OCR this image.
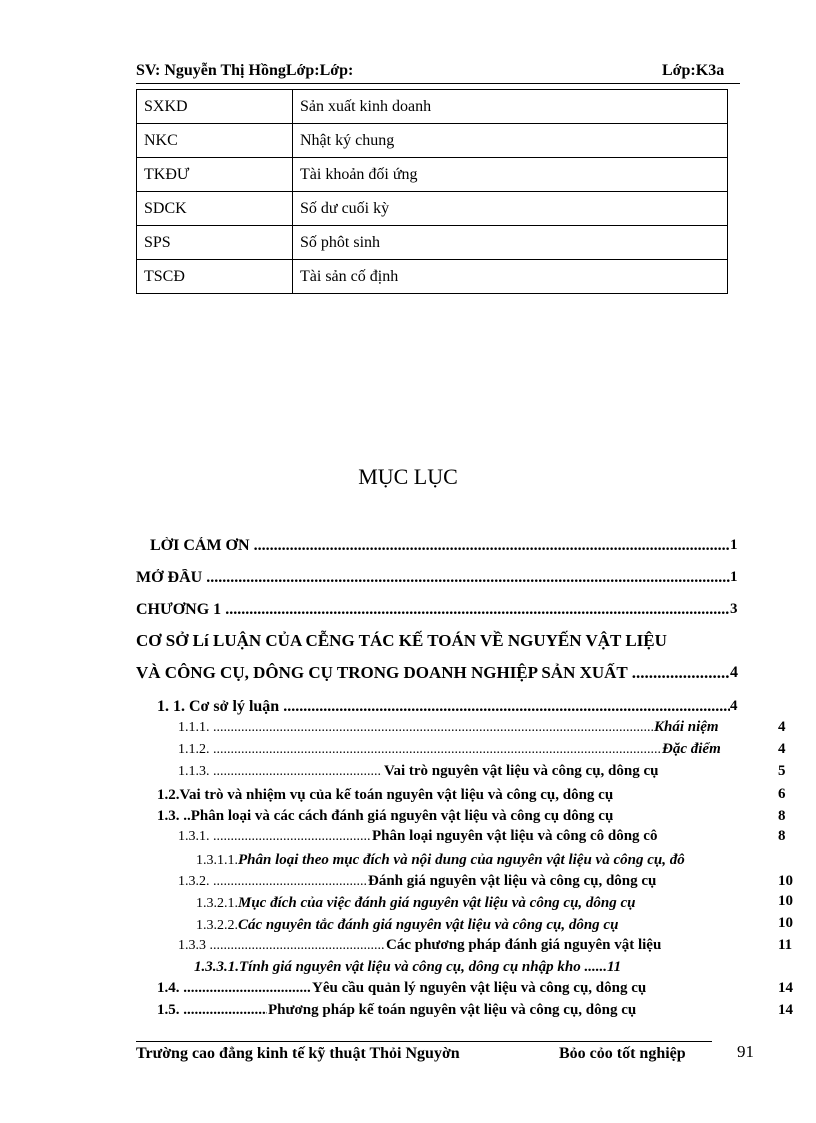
SV: Nguyễn Thị HồngLớp:Lớp:	Lớp:K3a
SXKD	Sản xuất kinh doanh
NKC	Nhật ký chung
TKĐƯ	Tài khoản đối ứng
SDCK	Số dư cuối kỳ
SPS	Số phôt sinh
TSCĐ	Tài sản cố định
MỤC LỤC
LỜI CẢM ƠN .....	1
MỞ ĐẦU .....	1
CHƯƠNG 1 .....	3
CƠ SỞ Lí LUẬN CỦA CỄNG TÁC KẾ TOÁN VỀ NGUYẾN VẬT LIỆU
VÀ CÔNG CỤ, DÔNG CỤ TRONG DOANH NGHIỆP SẢN XUẤT .....	4
1. 1. Cơ sở lý luận .....	4
1.1.1. .....	Khái niệm	4
1.1.2. .....	Đặc điểm	4
1.1.3. .....	Vai trò nguyên vật liệu và công cụ, dông cụ	5
1.2.Vai trò và nhiệm vụ của kế toán nguyên vật liệu và công cụ, dông cụ	6
1.3. ..Phân loại và các cách đánh giá nguyên vật liệu và công cụ dông cụ	8
1.3.1. .....	Phân loại nguyên vật liệu và công cô dông cô	8
1.3.1.1.Phân loại theo mục đích và nội dung của nguyên vật liệu và công cụ, đô
1.3.2. .....	Đánh giá nguyên vật liệu và công cụ, dông cụ	10
1.3.2.1.Mục đích của việc đánh giá nguyên vật liệu và công cụ, dông cụ	10
1.3.2.2.Các nguyên tắc đánh giá nguyên vật liệu và công cụ, dông cụ	10
1.3.3 .....	Các phương pháp đánh giá nguyên vật liệu	11
1.3.3.1.Tính giá nguyên vật liệu và công cụ, dông cụ nhập kho ......11
1.4. .....	Yêu cầu quản lý nguyên vật liệu và công cụ, dông cụ	14
1.5. .....	Phương pháp kế toán nguyên vật liệu và công cụ, dông cụ	14
Trường cao đẳng kinh tế kỹ thuật Thỏi Nguyờn	Bỏo cỏo tốt nghiệp	91
